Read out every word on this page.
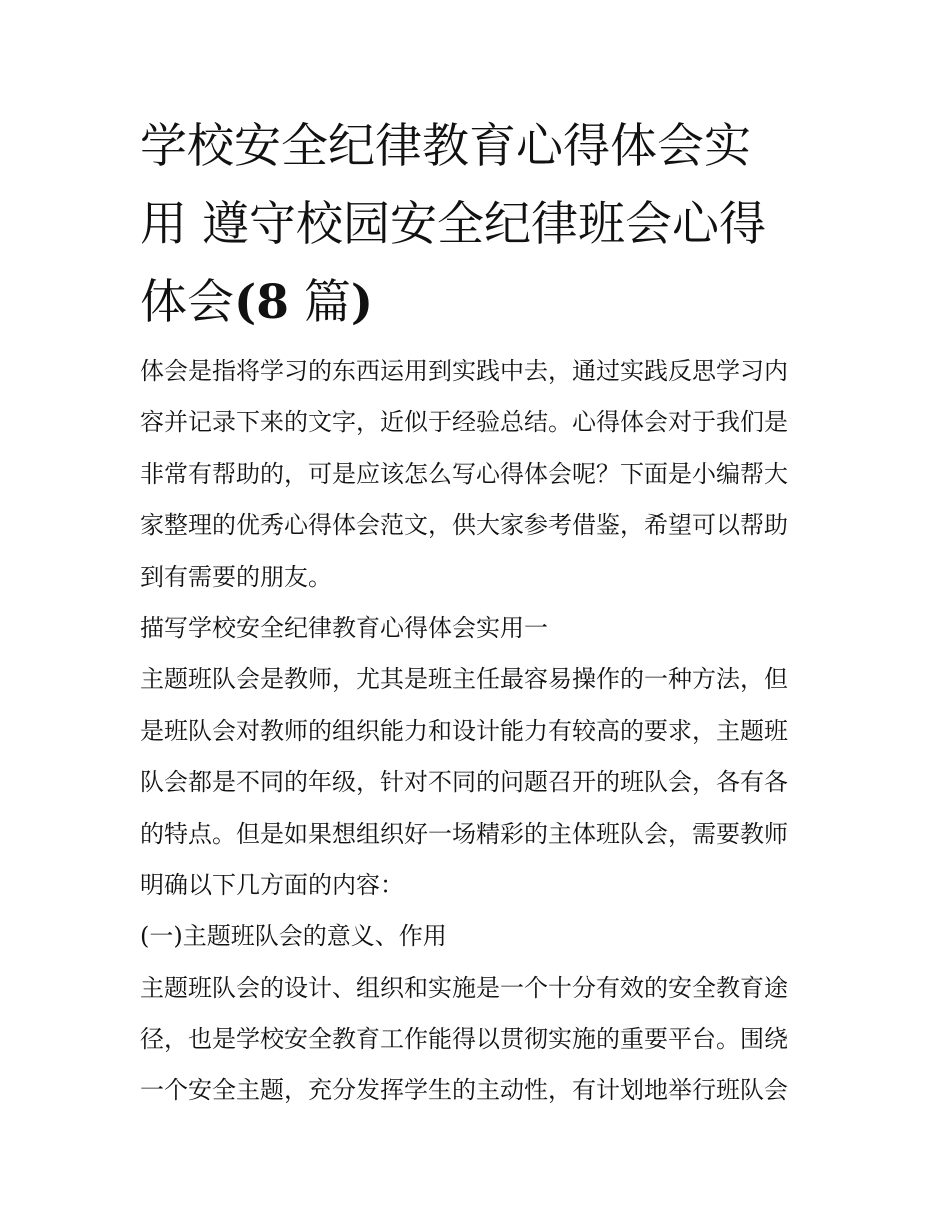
学校安全纪律教育心得体会实
用 遵守校园安全纪律班会心得
体会(8 篇)
体会是指将学习的东西运用到实践中去，通过实践反思学习内
容并记录下来的文字，近似于经验总结。心得体会对于我们是
非常有帮助的，可是应该怎么写心得体会呢？下面是小编帮大
家整理的优秀心得体会范文，供大家参考借鉴，希望可以帮助
到有需要的朋友。
描写学校安全纪律教育心得体会实用一
主题班队会是教师，尤其是班主任最容易操作的一种方法，但
是班队会对教师的组织能力和设计能力有较高的要求，主题班
队会都是不同的年级，针对不同的问题召开的班队会，各有各
的特点。但是如果想组织好一场精彩的主体班队会，需要教师
明确以下几方面的内容：
(一)主题班队会的意义、作用
主题班队会的设计、组织和实施是一个十分有效的安全教育途
径，也是学校安全教育工作能得以贯彻实施的重要平台。围绕
一个安全主题，充分发挥学生的主动性，有计划地举行班队会
